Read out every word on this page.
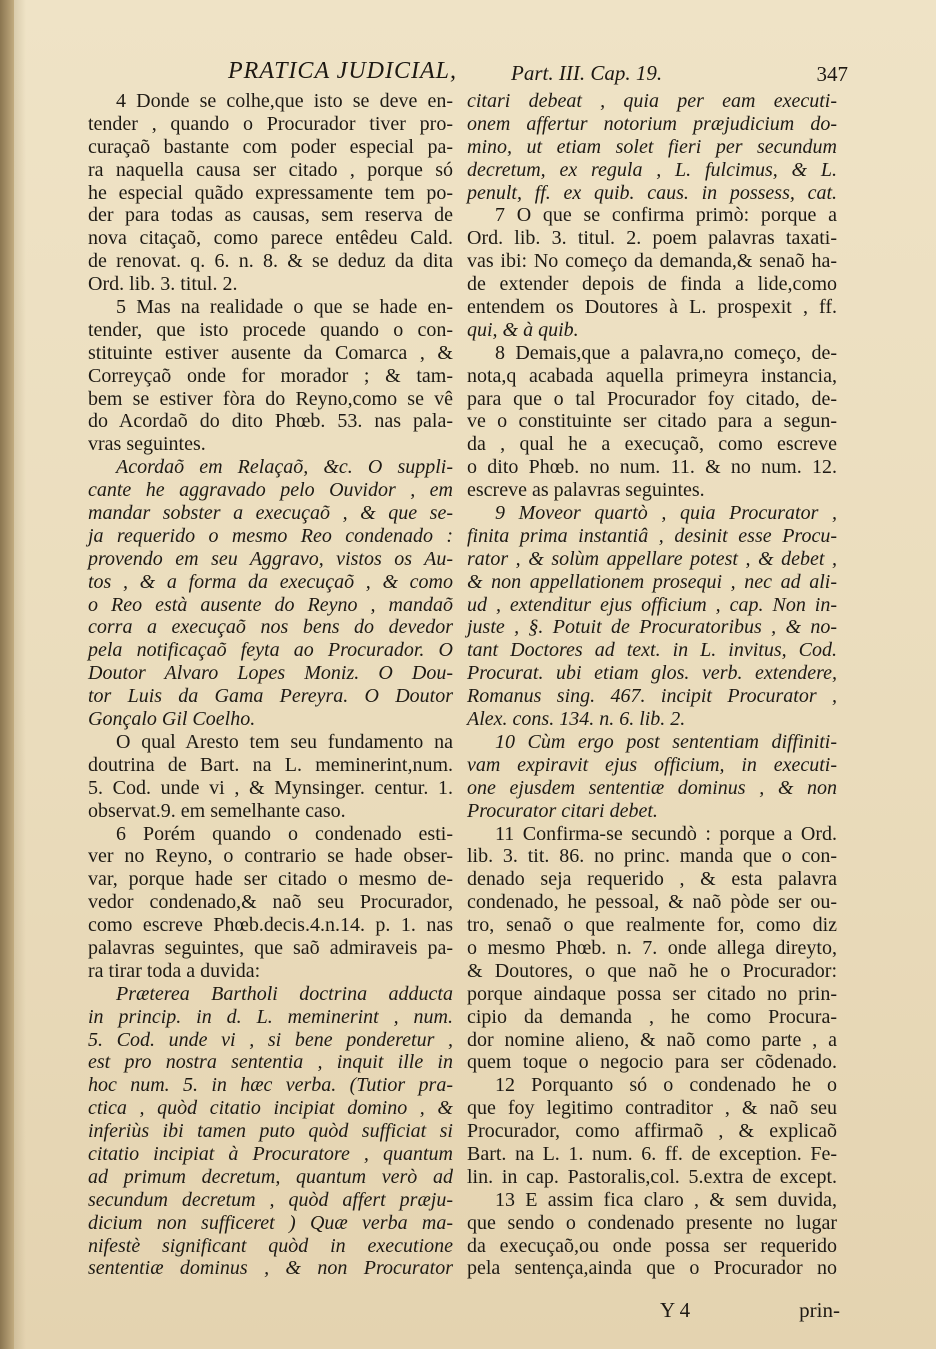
PRATICA JUDICIAL,	Part. III. Cap. 19.	347
4 Donde se colhe,que isto se deve en-
tender , quando o Procurador tiver pro-
curaçaõ bastante com poder especial pa-
ra naquella causa ser citado , porque só
he especial quãdo expressamente tem po-
der para todas as causas, sem reserva de
nova citaçaõ, como parece entêdeu Cald.
de renovat. q. 6. n. 8. & se deduz da dita
Ord. lib. 3. titul. 2.
5 Mas na realidade o que se hade en-
tender, que isto procede quando o con-
stituinte estiver ausente da Comarca , &
Correyçaõ onde for morador ; & tam-
bem se estiver fòra do Reyno,como se vê
do Acordaõ do dito Phœb. 53. nas pala-
vras seguintes.
Acordaõ em Relaçaõ, &c. O suppli-
cante he aggravado pelo Ouvidor , em
mandar sobster a execuçaõ , & que se-
ja requerido o mesmo Reo condenado :
provendo em seu Aggravo, vistos os Au-
tos , & a forma da execuçaõ , & como
o Reo està ausente do Reyno , mandaõ
corra a execuçaõ nos bens do devedor
pela notificaçaõ feyta ao Procurador. O
Doutor Alvaro Lopes Moniz. O Dou-
tor Luis da Gama Pereyra. O Doutor
Gonçalo Gil Coelho.
O qual Aresto tem seu fundamento na
doutrina de Bart. na L. meminerint,num.
5. Cod. unde vi , & Mynsinger. centur. 1.
observat.9. em semelhante caso.
6 Porém quando o condenado esti-
ver no Reyno, o contrario se hade obser-
var, porque hade ser citado o mesmo de-
vedor condenado,& naõ seu Procurador,
como escreve Phœb.decis.4.n.14. p. 1. nas
palavras seguintes, que saõ admiraveis pa-
ra tirar toda a duvida:
Præterea Bartholi doctrina adducta
in princip. in d. L. meminerint , num.
5. Cod. unde vi , si bene ponderetur ,
est pro nostra sententia , inquit ille in
hoc num. 5. in hæc verba. (Tutior pra-
ctica , quòd citatio incipiat domino , &
inferiùs ibi tamen puto quòd sufficiat si
citatio incipiat à Procuratore , quantum
ad primum decretum, quantum verò ad
secundum decretum , quòd affert præju-
dicium non sufficeret ) Quæ verba ma-
nifestè significant quòd in executione
sententiæ dominus , & non Procurator
citari debeat , quia per eam executi-
onem affertur notorium præjudicium do-
mino, ut etiam solet fieri per secundum
decretum, ex regula , L. fulcimus, & L.
penult, ff. ex quib. caus. in possess, cat.
7 O que se confirma primò: porque a
Ord. lib. 3. titul. 2. poem palavras taxati-
vas ibi: No começo da demanda,& senaõ ha-
de extender depois de finda a lide,como
entendem os Doutores à L. prospexit , ff.
qui, & à quib.
8 Demais,que a palavra,no começo, de-
nota,q acabada aquella primeyra instancia,
para que o tal Procurador foy citado, de-
ve o constituinte ser citado para a segun-
da , qual he a execuçaõ, como escreve
o dito Phœb. no num. 11. & no num. 12.
escreve as palavras seguintes.
9 Moveor quartò , quia Procurator ,
finita prima instantiâ , desinit esse Procu-
rator , & solùm appellare potest , & debet ,
& non appellationem prosequi , nec ad ali-
ud , extenditur ejus officium , cap. Non in-
juste , §. Potuit de Procuratoribus , & no-
tant Doctores ad text. in L. invitus, Cod.
Procurat. ubi etiam glos. verb. extendere,
Romanus sing. 467. incipit Procurator ,
Alex. cons. 134. n. 6. lib. 2.
10 Cùm ergo post sententiam diffiniti-
vam expiravit ejus officium, in executi-
one ejusdem sententiæ dominus , & non
Procurator citari debet.
11 Confirma-se secundò : porque a Ord.
lib. 3. tit. 86. no princ. manda que o con-
denado seja requerido , & esta palavra
condenado, he pessoal, & naõ pòde ser ou-
tro, senaõ o que realmente for, como diz
o mesmo Phœb. n. 7. onde allega direyto,
& Doutores, o que naõ he o Procurador:
porque aindaque possa ser citado no prin-
cipio da demanda , he como Procura-
dor nomine alieno, & naõ como parte , a
quem toque o negocio para ser cõdenado.
12 Porquanto só o condenado he o
que foy legitimo contraditor , & naõ seu
Procurador, como affirmaõ , & explicaõ
Bart. na L. 1. num. 6. ff. de exception. Fe-
lin. in cap. Pastoralis,col. 5.extra de except.
13 E assim fica claro , & sem duvida,
que sendo o condenado presente no lugar
da execuçaõ,ou onde possa ser requerido
pela sentença,ainda que o Procurador no
Y 4	prin-
